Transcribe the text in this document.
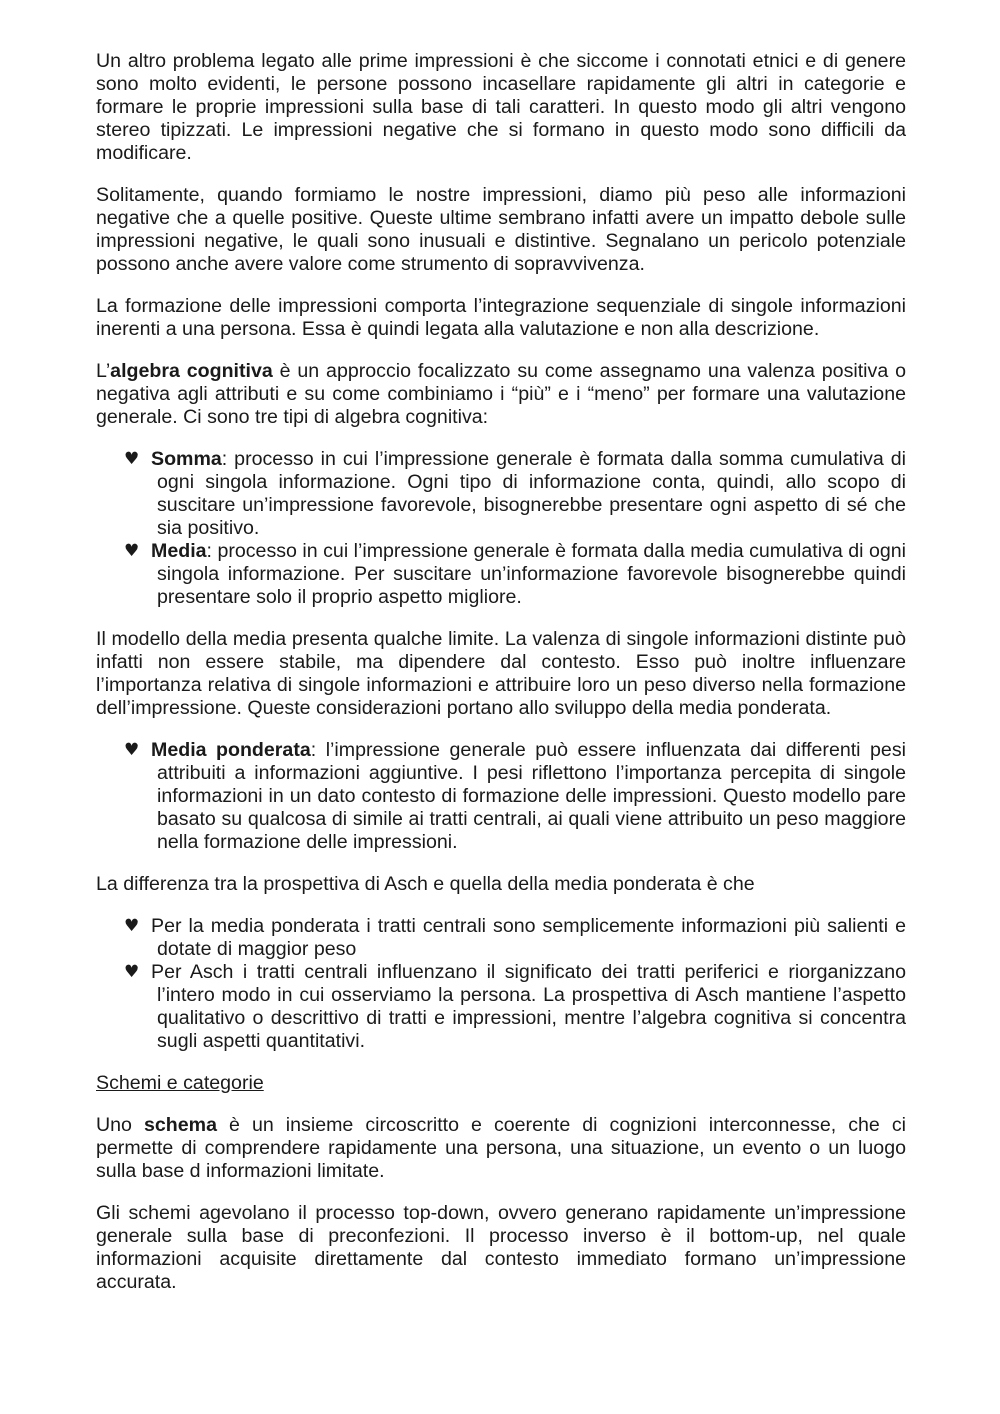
Un altro problema legato alle prime impressioni è che siccome i connotati etnici e di genere sono molto evidenti, le persone possono incasellare rapidamente gli altri in categorie e formare le proprie impressioni sulla base di tali caratteri. In questo modo gli altri vengono stereo tipizzati. Le impressioni negative che si formano in questo modo sono difficili da modificare.

Solitamente, quando formiamo le nostre impressioni, diamo più peso alle informazioni negative che a quelle positive. Queste ultime sembrano infatti avere un impatto debole sulle impressioni negative, le quali sono inusuali e distintive. Segnalano un pericolo potenziale possono anche avere valore come strumento di sopravvivenza.

La formazione delle impressioni comporta l’integrazione sequenziale di singole informazioni inerenti a una persona. Essa è quindi legata alla valutazione e non alla descrizione.

L’algebra cognitiva è un approccio focalizzato su come assegnamo una valenza positiva o negativa agli attributi e su come combiniamo i “più” e i “meno” per formare una valutazione generale. Ci sono tre tipi di algebra cognitiva:

♥ Somma: processo in cui l’impressione generale è formata dalla somma cumulativa di ogni singola informazione. Ogni tipo di informazione conta, quindi, allo scopo di suscitare un’impressione favorevole, bisognerebbe presentare ogni aspetto di sé che sia positivo.
♥ Media: processo in cui l’impressione generale è formata dalla media cumulativa di ogni singola informazione. Per suscitare un’informazione favorevole bisognerebbe quindi presentare solo il proprio aspetto migliore.

Il modello della media presenta qualche limite. La valenza di singole informazioni distinte può infatti non essere stabile, ma dipendere dal contesto. Esso può inoltre influenzare l’importanza relativa di singole informazioni e attribuire loro un peso diverso nella formazione dell’impressione. Queste considerazioni portano allo sviluppo della media ponderata.

♥ Media ponderata: l’impressione generale può essere influenzata dai differenti pesi attribuiti a informazioni aggiuntive. I pesi riflettono l’importanza percepita di singole informazioni in un dato contesto di formazione delle impressioni. Questo modello pare basato su qualcosa di simile ai tratti centrali, ai quali viene attribuito un peso maggiore nella formazione delle impressioni.

La differenza tra la prospettiva di Asch e quella della media ponderata è che

♥ Per la media ponderata i tratti centrali sono semplicemente informazioni più salienti e dotate di maggior peso
♥ Per Asch i tratti centrali influenzano il significato dei tratti periferici e riorganizzano l’intero modo in cui osserviamo la persona. La prospettiva di Asch mantiene l’aspetto qualitativo o descrittivo di tratti e impressioni, mentre l’algebra cognitiva si concentra sugli aspetti quantitativi.

Schemi e categorie

Uno schema è un insieme circoscritto e coerente di cognizioni interconnesse, che ci permette di comprendere rapidamente una persona, una situazione, un evento o un luogo sulla base d informazioni limitate.

Gli schemi agevolano il processo top-down, ovvero generano rapidamente un’impressione generale sulla base di preconfezioni. Il processo inverso è il bottom-up, nel quale informazioni acquisite direttamente dal contesto immediato formano un’impressione accurata.
